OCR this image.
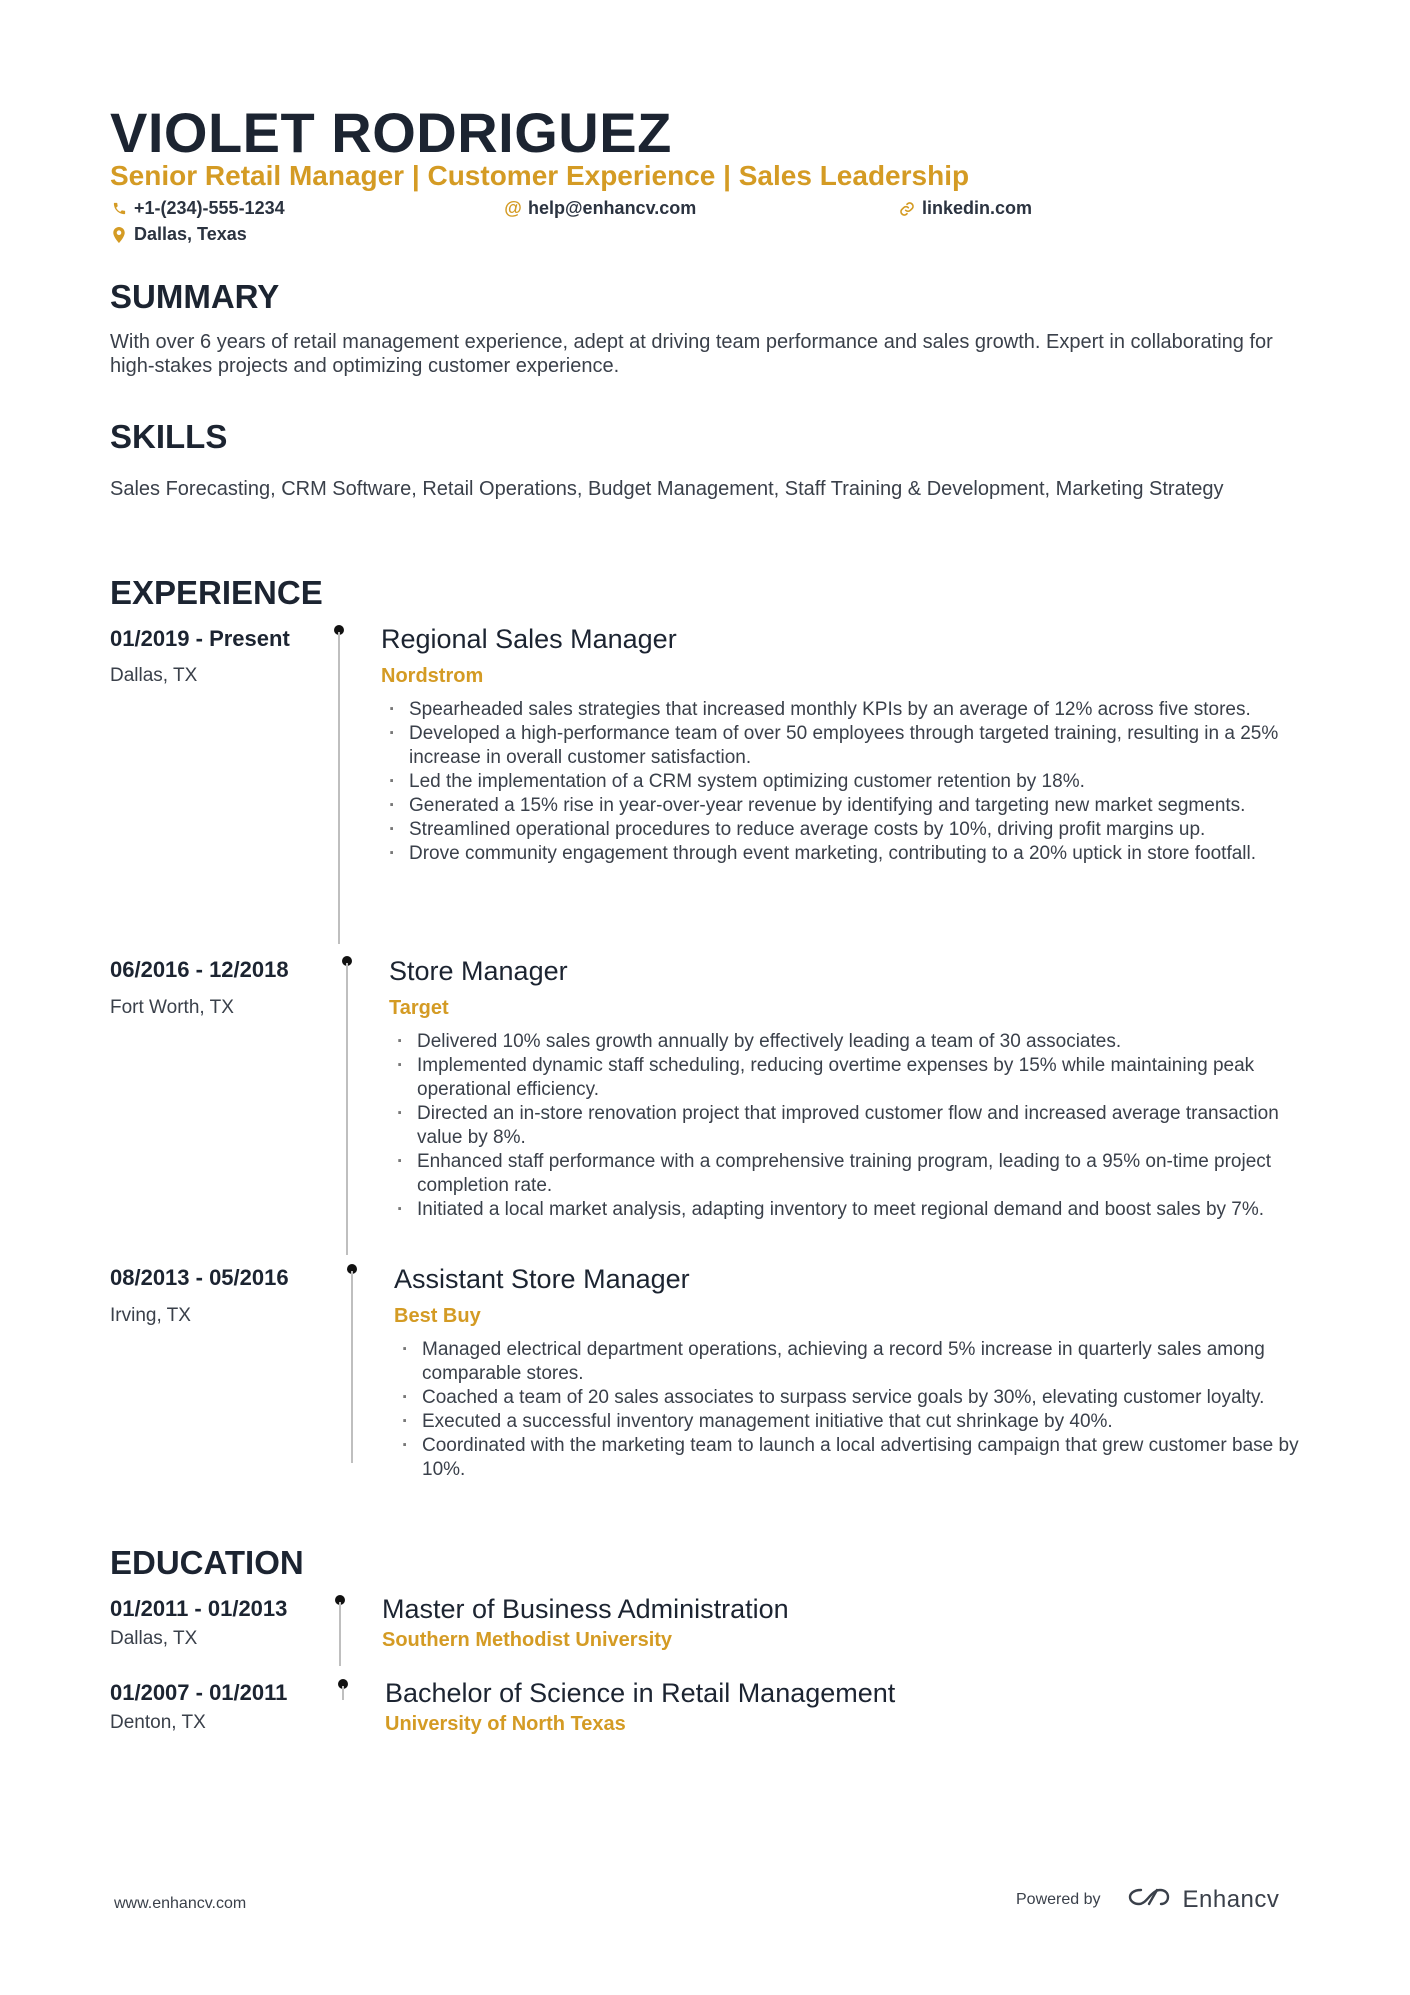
VIOLET RODRIGUEZ
Senior Retail Manager | Customer Experience | Sales Leadership
+1-(234)-555-1234	@ help@enhancv.com	linkedin.com
Dallas, Texas
SUMMARY

With over 6 years of retail management experience, adept at driving team performance and sales growth. Expert in collaborating for high-stakes projects and optimizing customer experience.

SKILLS

Sales Forecasting, CRM Software, Retail Operations, Budget Management, Staff Training & Development, Marketing Strategy

EXPERIENCE
01/2019 - Present
Dallas, TX
Regional Sales Manager
Nordstrom
· Spearheaded sales strategies that increased monthly KPIs by an average of 12% across five stores.
· Developed a high-performance team of over 50 employees through targeted training, resulting in a 25% increase in overall customer satisfaction.
· Led the implementation of a CRM system optimizing customer retention by 18%.
· Generated a 15% rise in year-over-year revenue by identifying and targeting new market segments.
· Streamlined operational procedures to reduce average costs by 10%, driving profit margins up.
· Drove community engagement through event marketing, contributing to a 20% uptick in store footfall.
06/2016 - 12/2018
Fort Worth, TX
Store Manager
Target
· Delivered 10% sales growth annually by effectively leading a team of 30 associates.
· Implemented dynamic staff scheduling, reducing overtime expenses by 15% while maintaining peak operational efficiency.
· Directed an in-store renovation project that improved customer flow and increased average transaction value by 8%.
· Enhanced staff performance with a comprehensive training program, leading to a 95% on-time project completion rate.
· Initiated a local market analysis, adapting inventory to meet regional demand and boost sales by 7%.
08/2013 - 05/2016
Irving, TX
Assistant Store Manager
Best Buy
· Managed electrical department operations, achieving a record 5% increase in quarterly sales among comparable stores.
· Coached a team of 20 sales associates to surpass service goals by 30%, elevating customer loyalty.
· Executed a successful inventory management initiative that cut shrinkage by 40%.
· Coordinated with the marketing team to launch a local advertising campaign that grew customer base by 10%.
EDUCATION
01/2011 - 01/2013
Dallas, TX
Master of Business Administration
Southern Methodist University
01/2007 - 01/2011
Denton, TX
Bachelor of Science in Retail Management
University of North Texas
www.enhancv.com	Powered by	Enhancv
